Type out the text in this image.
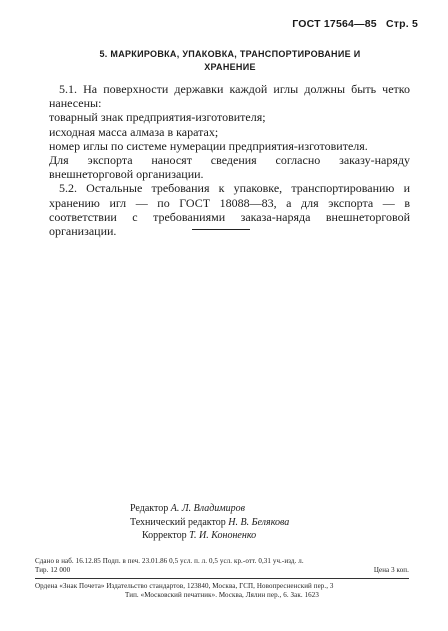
ГОСТ 17564—85 Стр. 5
5. МАРКИРОВКА, УПАКОВКА, ТРАНСПОРТИРОВАНИЕ И
ХРАНЕНИЕ

5.1. На поверхности державки каждой иглы должны быть четко нанесены:

товарный знак предприятия-изготовителя;

исходная масса алмаза в каратах;

номер иглы по системе нумерации предприятия-изготовителя.

Для экспорта наносят сведения согласно заказу-наряду внешнеторговой организации.

5.2. Остальные требования к упаковке, транспортированию и хранению игл — по ГОСТ 18088—83, а для экспорта — в соответствии с требованиями заказа-наряда внешнеторговой организации.

Редактор А. Л. Владимиров

Технический редактор Н. В. Белякова

Корректор Т. И. Кононенко

Сдано в наб. 16.12.85 Подп. в печ. 23.01.86 0,5 усл. п. л. 0,5 усл. кр.-отт. 0,31 уч.-изд. л.

Тир. 12 000	Цена 3 коп.

Ордена «Знак Почета» Издательство стандартов, 123840, Москва, ГСП, Новопресненский пер., 3

Тип. «Московский печатник». Москва, Лялин пер., 6. Зак. 1623
